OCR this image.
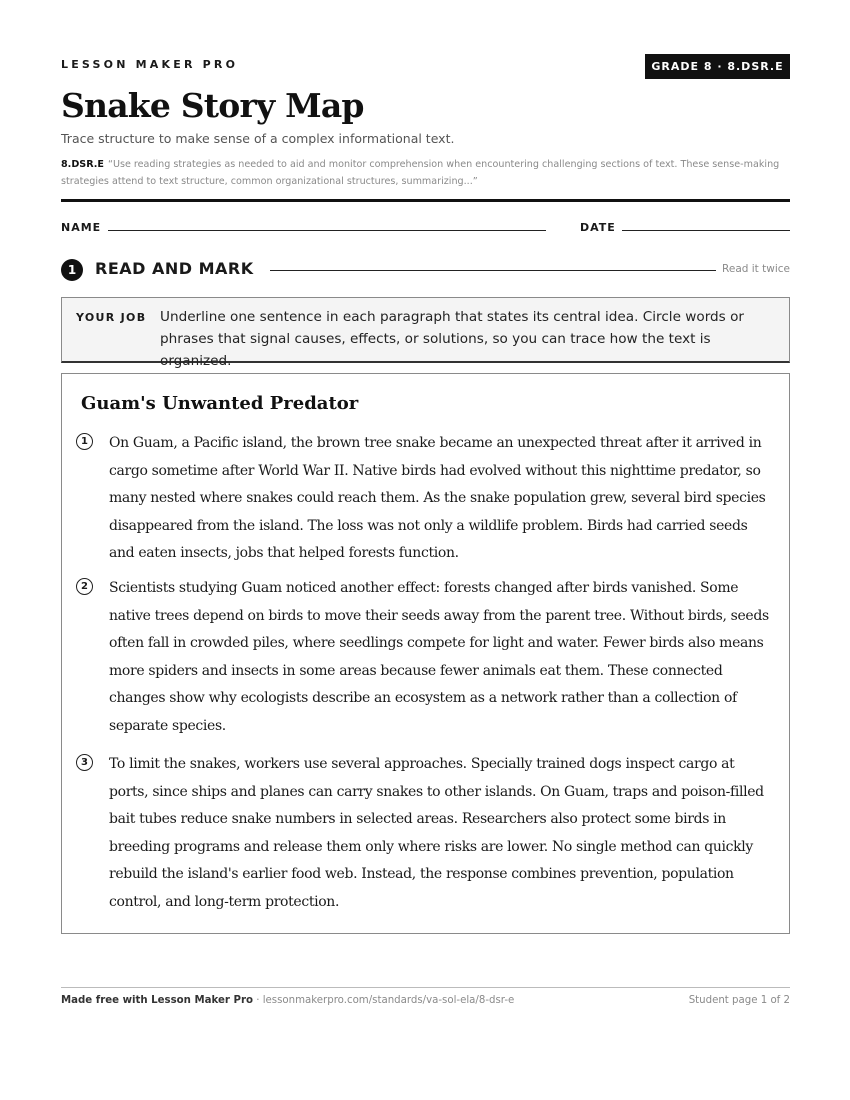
LESSON MAKER PRO	GRADE 8 · 8.DSR.E
Snake Story Map
Trace structure to make sense of a complex informational text.
8.DSR.E “Use reading strategies as needed to aid and monitor comprehension when encountering challenging sections of text. These sense-making strategies attend to text structure, common organizational structures, summarizing...”
NAME	DATE
1	READ AND MARK	Read it twice
YOUR JOB Underline one sentence in each paragraph that states its central idea. Circle words or phrases that signal causes, effects, or solutions, so you can trace how the text is organized.
Guam's Unwanted Predator
1	On Guam, a Pacific island, the brown tree snake became an unexpected threat after it arrived in cargo sometime after World War II. Native birds had evolved without this nighttime predator, so many nested where snakes could reach them. As the snake population grew, several bird species disappeared from the island. The loss was not only a wildlife problem. Birds had carried seeds and eaten insects, jobs that helped forests function.
2	Scientists studying Guam noticed another effect: forests changed after birds vanished. Some native trees depend on birds to move their seeds away from the parent tree. Without birds, seeds often fall in crowded piles, where seedlings compete for light and water. Fewer birds also means more spiders and insects in some areas because fewer animals eat them. These connected changes show why ecologists describe an ecosystem as a network rather than a collection of separate species.
3	To limit the snakes, workers use several approaches. Specially trained dogs inspect cargo at ports, since ships and planes can carry snakes to other islands. On Guam, traps and poison-filled bait tubes reduce snake numbers in selected areas. Researchers also protect some birds in breeding programs and release them only where risks are lower. No single method can quickly rebuild the island's earlier food web. Instead, the response combines prevention, population control, and long-term protection.
Made free with Lesson Maker Pro · lessonmakerpro.com/standards/va-sol-ela/8-dsr-e	Student page 1 of 2
